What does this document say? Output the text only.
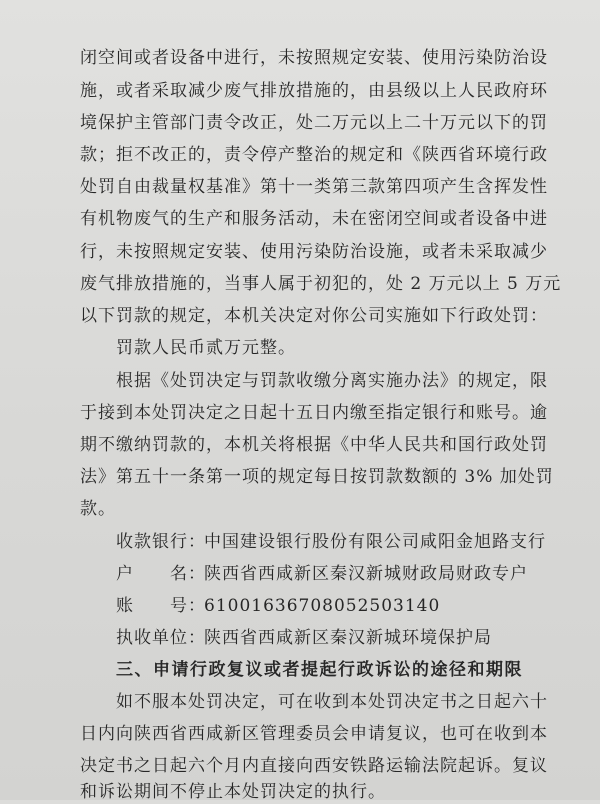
闭空间或者设备中进行，未按照规定安装、使用污染防治设
施，或者采取减少废气排放措施的，由县级以上人民政府环
境保护主管部门责令改正，处二万元以上二十万元以下的罚
款；拒不改正的，责令停产整治的规定和《陕西省环境行政
处罚自由裁量权基准》第十一类第三款第四项产生含挥发性
有机物废气的生产和服务活动，未在密闭空间或者设备中进
行，未按照规定安装、使用污染防治设施，或者未采取减少
废气排放措施的，当事人属于初犯的，处 2 万元以上 5 万元
以下罚款的规定，本机关决定对你公司实施如下行政处罚：
罚款人民币贰万元整。
根据《处罚决定与罚款收缴分离实施办法》的规定，限
于接到本处罚决定之日起十五日内缴至指定银行和账号。逾
期不缴纳罚款的，本机关将根据《中华人民共和国行政处罚
法》第五十一条第一项的规定每日按罚款数额的 3% 加处罚
款。
收款银行：中国建设银行股份有限公司咸阳金旭路支行
户　　名：陕西省西咸新区秦汉新城财政局财政专户
账　　号：61001636708052503140
执收单位：陕西省西咸新区秦汉新城环境保护局
三、申请行政复议或者提起行政诉讼的途径和期限
如不服本处罚决定，可在收到本处罚决定书之日起六十
日内向陕西省西咸新区管理委员会申请复议，也可在收到本
决定书之日起六个月内直接向西安铁路运输法院起诉。复议
和诉讼期间不停止本处罚决定的执行。
